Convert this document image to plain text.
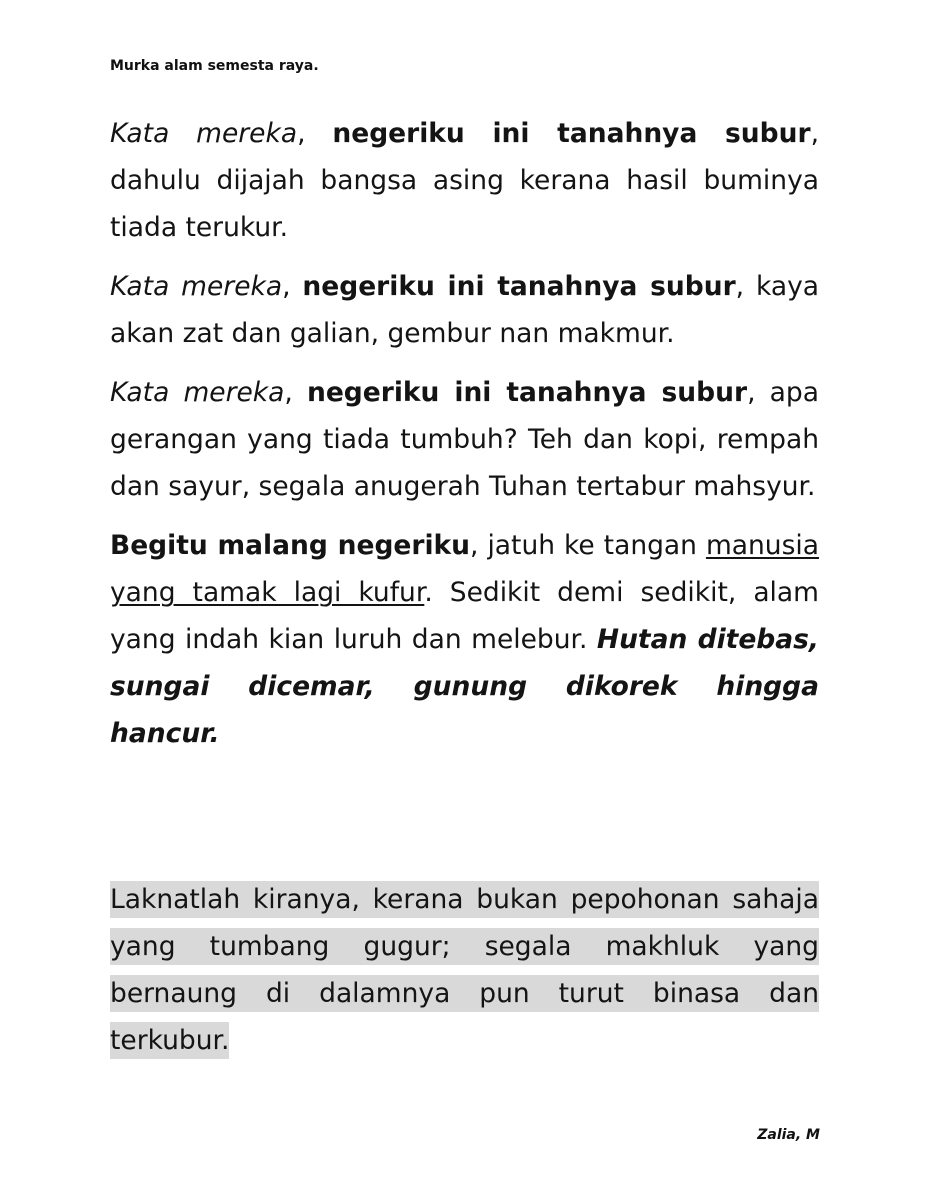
Murka alam semesta raya.

Kata mereka, negeriku ini tanahnya subur, dahulu dijajah bangsa asing kerana hasil buminya tiada terukur.

Kata mereka, negeriku ini tanahnya subur, kaya akan zat dan galian, gembur nan makmur.

Kata mereka, negeriku ini tanahnya subur, apa gerangan yang tiada tumbuh? Teh dan kopi, rempah dan sayur, segala anugerah Tuhan tertabur mahsyur.

Begitu malang negeriku, jatuh ke tangan manusia yang tamak lagi kufur. Sedikit demi sedikit, alam yang indah kian luruh dan melebur. Hutan ditebas, sungai dicemar, gunung dikorek hingga hancur.

Laknatlah kiranya, kerana bukan pepohonan sahaja yang tumbang gugur; segala makhluk yang bernaung di dalamnya pun turut binasa dan terkubur.

Zalia, M
